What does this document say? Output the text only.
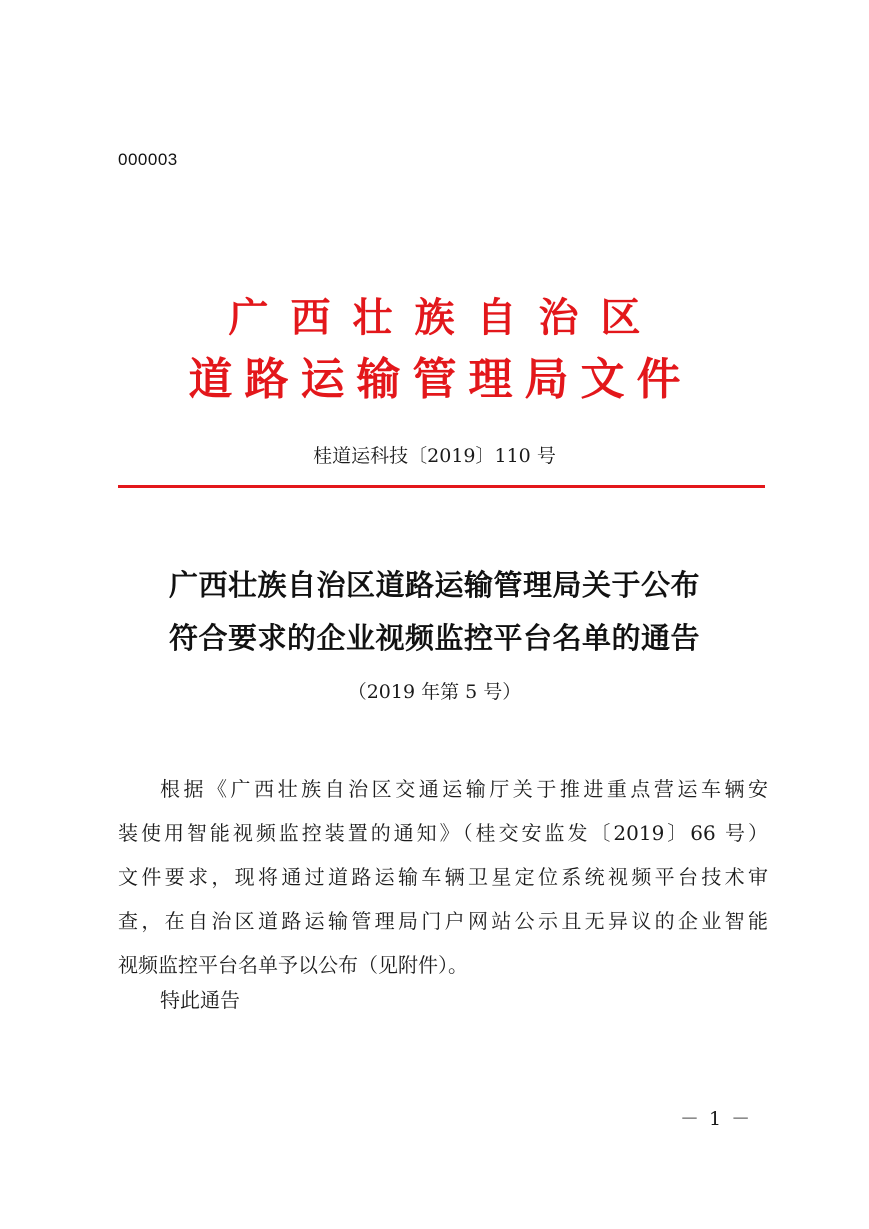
000003
广西壮族自治区
道路运输管理局文件
桂道运科技〔2019〕110 号
广西壮族自治区道路运输管理局关于公布
符合要求的企业视频监控平台名单的通告
（2019 年第 5 号）
根据《广西壮族自治区交通运输厅关于推进重点营运车辆安
装使用智能视频监控装置的通知》（桂交安监发〔2019〕66 号）
文件要求，现将通过道路运输车辆卫星定位系统视频平台技术审
查，在自治区道路运输管理局门户网站公示且无异议的企业智能
视频监控平台名单予以公布（见附件）。
特此通告
－ 1 －
